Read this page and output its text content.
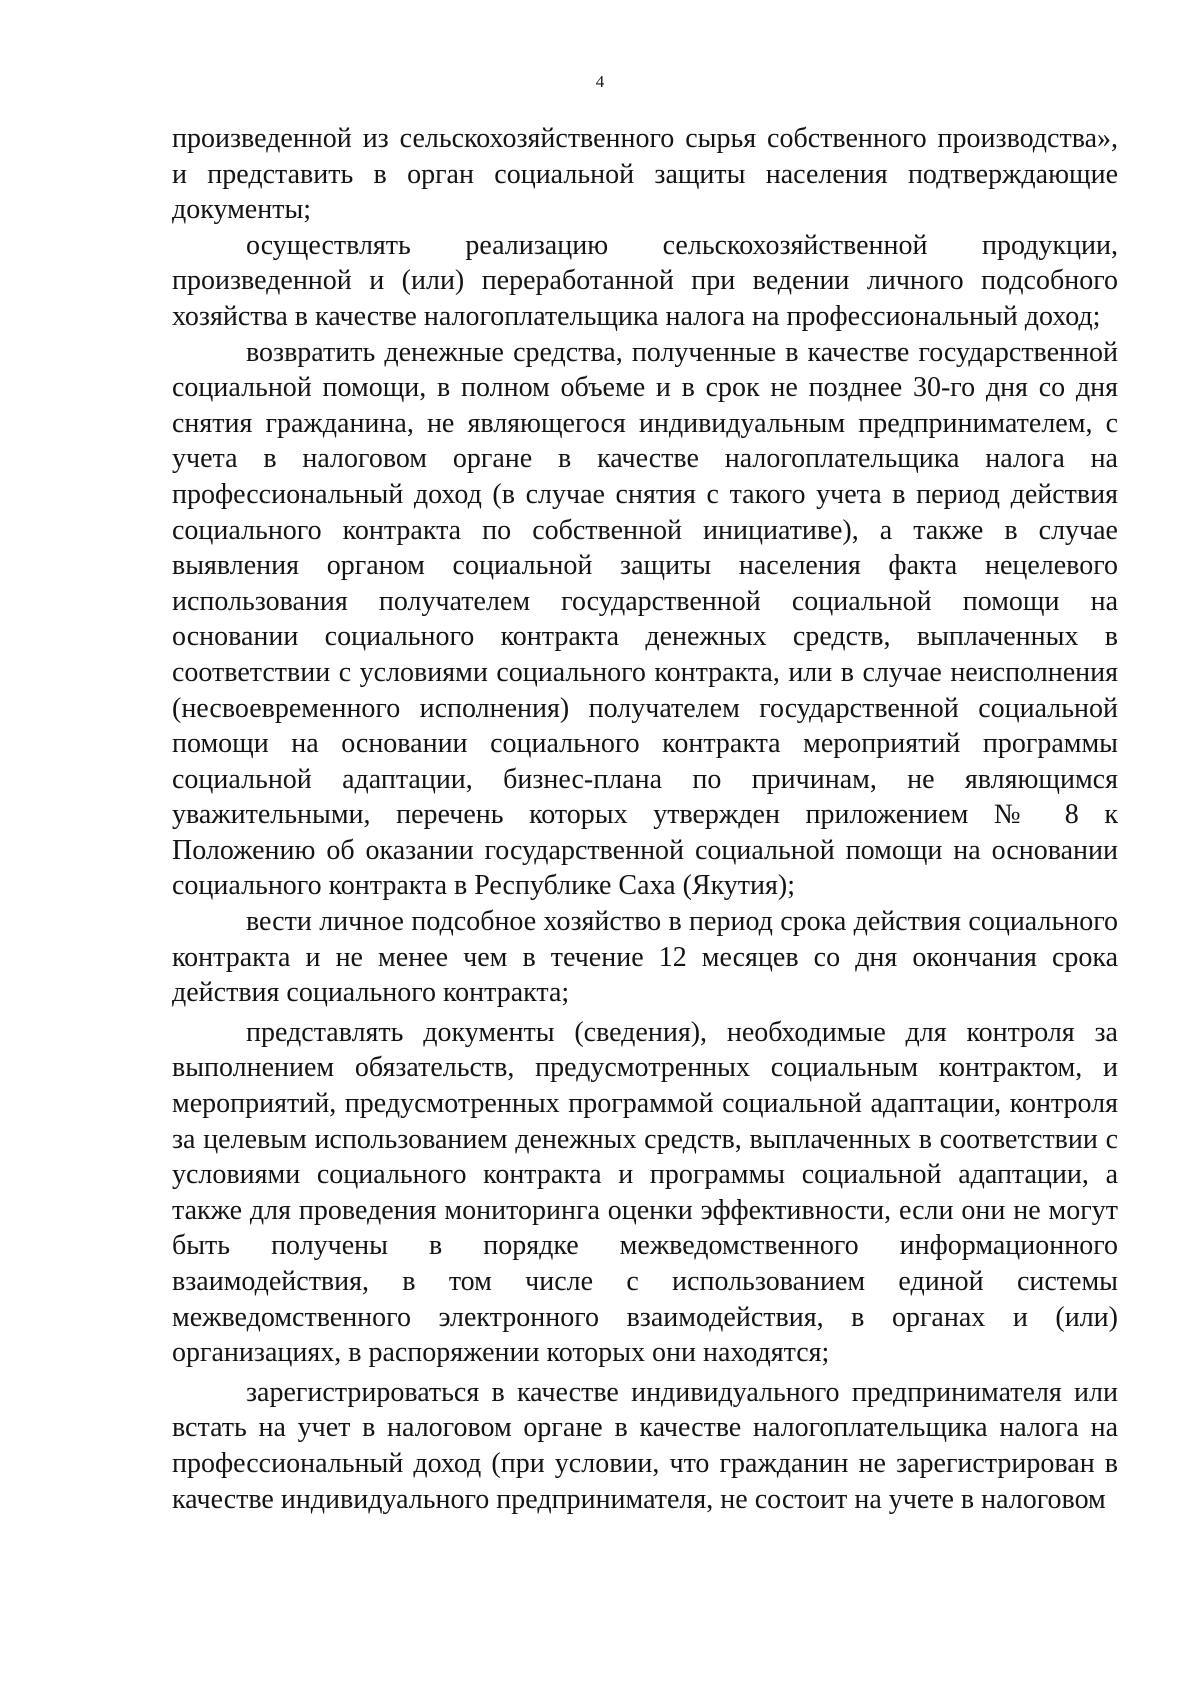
4

произведенной из сельскохозяйственного сырья собственного производства», и представить в орган социальной защиты населения подтверждающие документы;

осуществлять реализацию сельскохозяйственной продукции, произведенной и (или) переработанной при ведении личного подсобного хозяйства в качестве налогоплательщика налога на профессиональный доход;

возвратить денежные средства, полученные в качестве государственной социальной помощи, в полном объеме и в срок не позднее 30-го дня со дня снятия гражданина, не являющегося индивидуальным предпринимателем, с учета в налоговом органе в качестве налогоплательщика налога на профессиональный доход (в случае снятия с такого учета в период действия социального контракта по собственной инициативе), а также в случае выявления органом социальной защиты населения факта нецелевого использования получателем государственной социальной помощи на основании социального контракта денежных средств, выплаченных в соответствии с условиями социального контракта, или в случае неисполнения (несвоевременного исполнения) получателем государственной социальной помощи на основании социального контракта мероприятий программы социальной адаптации, бизнес-плана по причинам, не являющимся уважительными, перечень которых утвержден приложением № 8 к Положению об оказании государственной социальной помощи на основании социального контракта в Республике Саха (Якутия);

вести личное подсобное хозяйство в период срока действия социального контракта и не менее чем в течение 12 месяцев со дня окончания срока действия социального контракта;

представлять документы (сведения), необходимые для контроля за выполнением обязательств, предусмотренных социальным контрактом, и мероприятий, предусмотренных программой социальной адаптации, контроля за целевым использованием денежных средств, выплаченных в соответствии с условиями социального контракта и программы социальной адаптации, а также для проведения мониторинга оценки эффективности, если они не могут быть получены в порядке межведомственного информационного взаимодействия, в том числе с использованием единой системы межведомственного электронного взаимодействия, в органах и (или) организациях, в распоряжении которых они находятся;

зарегистрироваться в качестве индивидуального предпринимателя или встать на учет в налоговом органе в качестве налогоплательщика налога на профессиональный доход (при условии, что гражданин не зарегистрирован в качестве индивидуального предпринимателя, не состоит на учете в налоговом
